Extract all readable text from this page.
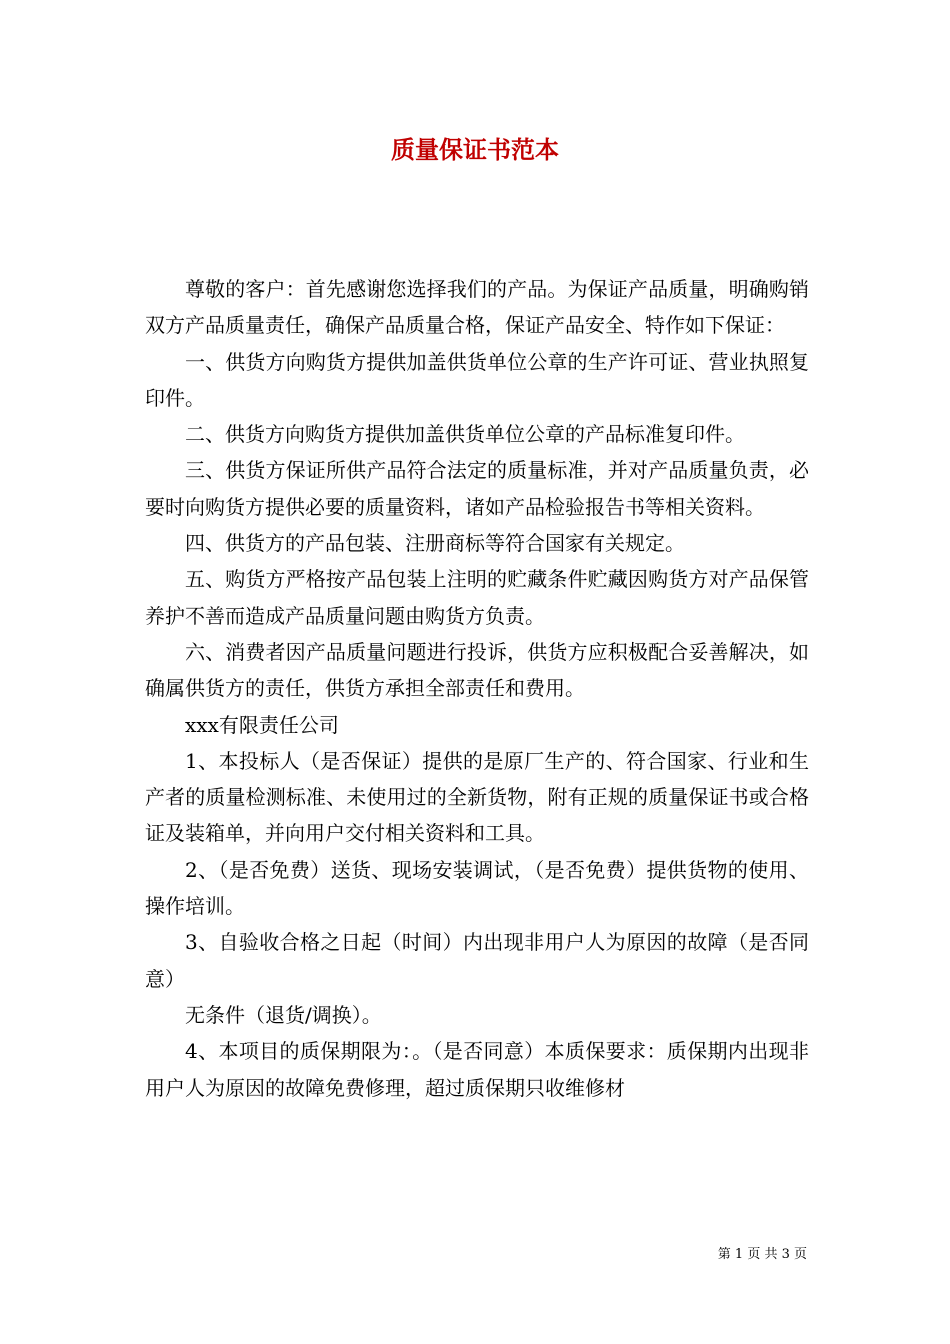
质量保证书范本

尊敬的客户：首先感谢您选择我们的产品。为保证产品质量，明确购销双方产品质量责任，确保产品质量合格，保证产品安全、特作如下保证：

一、供货方向购货方提供加盖供货单位公章的生产许可证、营业执照复印件。

二、供货方向购货方提供加盖供货单位公章的产品标准复印件。

三、供货方保证所供产品符合法定的质量标准，并对产品质量负责，必要时向购货方提供必要的质量资料，诸如产品检验报告书等相关资料。

四、供货方的产品包装、注册商标等符合国家有关规定。

五、购货方严格按产品包装上注明的贮藏条件贮藏因购货方对产品保管养护不善而造成产品质量问题由购货方负责。

六、消费者因产品质量问题进行投诉，供货方应积极配合妥善解决，如确属供货方的责任，供货方承担全部责任和费用。

xxx有限责任公司

1、本投标人（是否保证）提供的是原厂生产的、符合国家、行业和生产者的质量检测标准、未使用过的全新货物，附有正规的质量保证书或合格证及装箱单，并向用户交付相关资料和工具。

2、（是否免费）送货、现场安装调试，（是否免费）提供货物的使用、操作培训。

3、自验收合格之日起（时间）内出现非用户人为原因的故障（是否同意）

无条件（退货/调换）。

4、本项目的质保期限为：。（是否同意）本质保要求：质保期内出现非用户人为原因的故障免费修理，超过质保期只收维修材

第 1 页 共 3 页
